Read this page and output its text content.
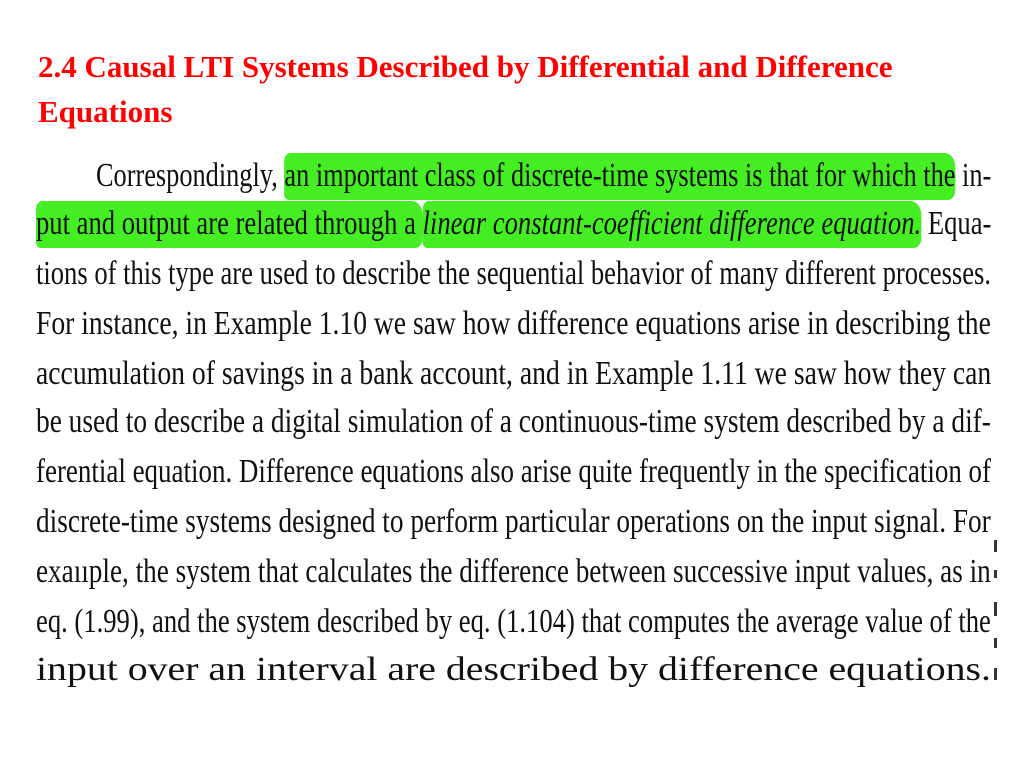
2.4 Causal LTI Systems Described by Differential and Difference Equations
Correspondingly, an important class of discrete-time systems is that for which the in-
put and output are related through a linear constant-coefficient difference equation. Equa-
tions of this type are used to describe the sequential behavior of many different processes.
For instance, in Example 1.10 we saw how difference equations arise in describing the
accumulation of savings in a bank account, and in Example 1.11 we saw how they can
be used to describe a digital simulation of a continuous-time system described by a dif-
ferential equation. Difference equations also arise quite frequently in the specification of
discrete-time systems designed to perform particular operations on the input signal. For
exaııple, the system that calculates the difference between successive input values, as in
eq. (1.99), and the system described by eq. (1.104) that computes the average value of the
input over an interval are described by difference equations.
